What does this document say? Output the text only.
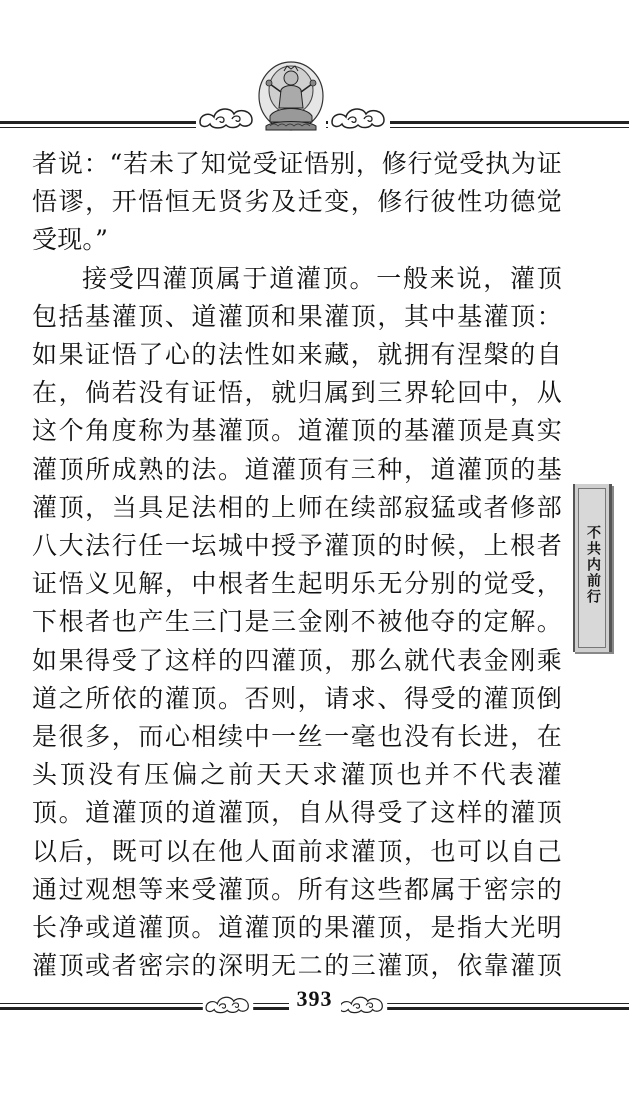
者说：“若未了知觉受证悟别，修行觉受执为证
悟谬，开悟恒无贤劣及迁变，修行彼性功德觉
受现。”
接受四灌顶属于道灌顶。一般来说，灌顶
包括基灌顶、道灌顶和果灌顶，其中基灌顶：
如果证悟了心的法性如来藏，就拥有涅槃的自
在，倘若没有证悟，就归属到三界轮回中，从
这个角度称为基灌顶。道灌顶的基灌顶是真实
灌顶所成熟的法。道灌顶有三种，道灌顶的基
灌顶，当具足法相的上师在续部寂猛或者修部
八大法行任一坛城中授予灌顶的时候，上根者
证悟义见解，中根者生起明乐无分别的觉受，
下根者也产生三门是三金刚不被他夺的定解。
如果得受了这样的四灌顶，那么就代表金刚乘
道之所依的灌顶。否则，请求、得受的灌顶倒
是很多，而心相续中一丝一毫也没有长进，在
头顶没有压偏之前天天求灌顶也并不代表灌
顶。道灌顶的道灌顶，自从得受了这样的灌顶
以后，既可以在他人面前求灌顶，也可以自己
通过观想等来受灌顶。所有这些都属于密宗的
长净或道灌顶。道灌顶的果灌顶，是指大光明
灌顶或者密宗的深明无二的三灌顶，依靠灌顶
不共内前行
393
